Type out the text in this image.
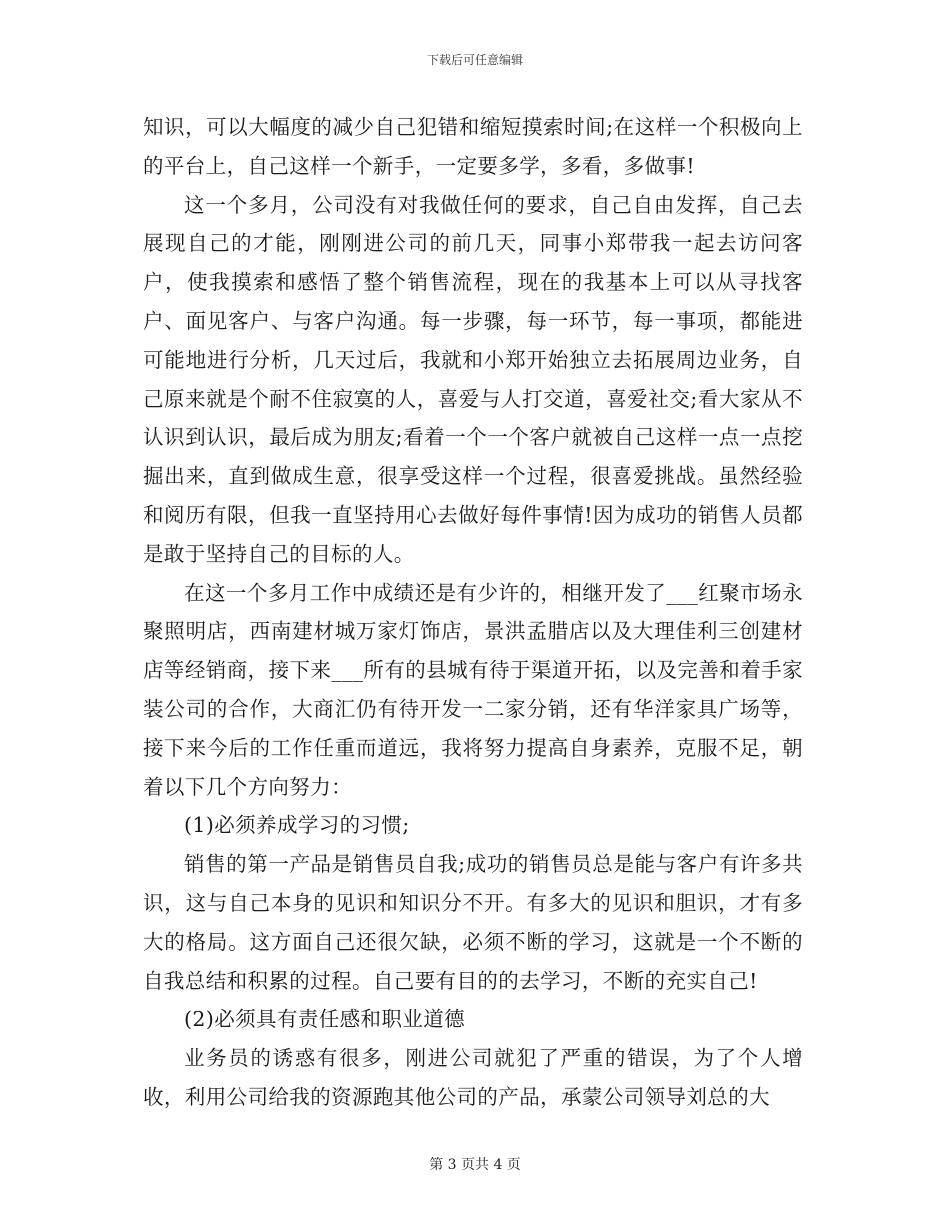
下载后可任意编辑

知识，可以大幅度的减少自己犯错和缩短摸索时间;在这样一个积极向上的平台上，自己这样一个新手，一定要多学，多看，多做事!

这一个多月，公司没有对我做任何的要求，自己自由发挥，自己去展现自己的才能，刚刚进公司的前几天，同事小郑带我一起去访问客户，使我摸索和感悟了整个销售流程，现在的我基本上可以从寻找客户、面见客户、与客户沟通。每一步骤，每一环节，每一事项，都能进可能地进行分析，几天过后，我就和小郑开始独立去拓展周边业务，自己原来就是个耐不住寂寞的人，喜爱与人打交道，喜爱社交;看大家从不认识到认识，最后成为朋友;看着一个一个客户就被自己这样一点一点挖掘出来，直到做成生意，很享受这样一个过程，很喜爱挑战。虽然经验和阅历有限，但我一直坚持用心去做好每件事情!因为成功的销售人员都是敢于坚持自己的目标的人。

在这一个多月工作中成绩还是有少许的，相继开发了___红聚市场永聚照明店，西南建材城万家灯饰店，景洪孟腊店以及大理佳利三创建材店等经销商，接下来___所有的县城有待于渠道开拓，以及完善和着手家装公司的合作，大商汇仍有待开发一二家分销，还有华洋家具广场等，接下来今后的工作任重而道远，我将努力提高自身素养，克服不足，朝着以下几个方向努力：

(1)必须养成学习的习惯;

销售的第一产品是销售员自我;成功的销售员总是能与客户有许多共识，这与自己本身的见识和知识分不开。有多大的见识和胆识，才有多大的格局。这方面自己还很欠缺，必须不断的学习，这就是一个不断的自我总结和积累的过程。自己要有目的的去学习，不断的充实自己!

(2)必须具有责任感和职业道德

业务员的诱惑有很多，刚进公司就犯了严重的错误，为了个人增收，利用公司给我的资源跑其他公司的产品，承蒙公司领导刘总的大

第 3 页共 4 页
